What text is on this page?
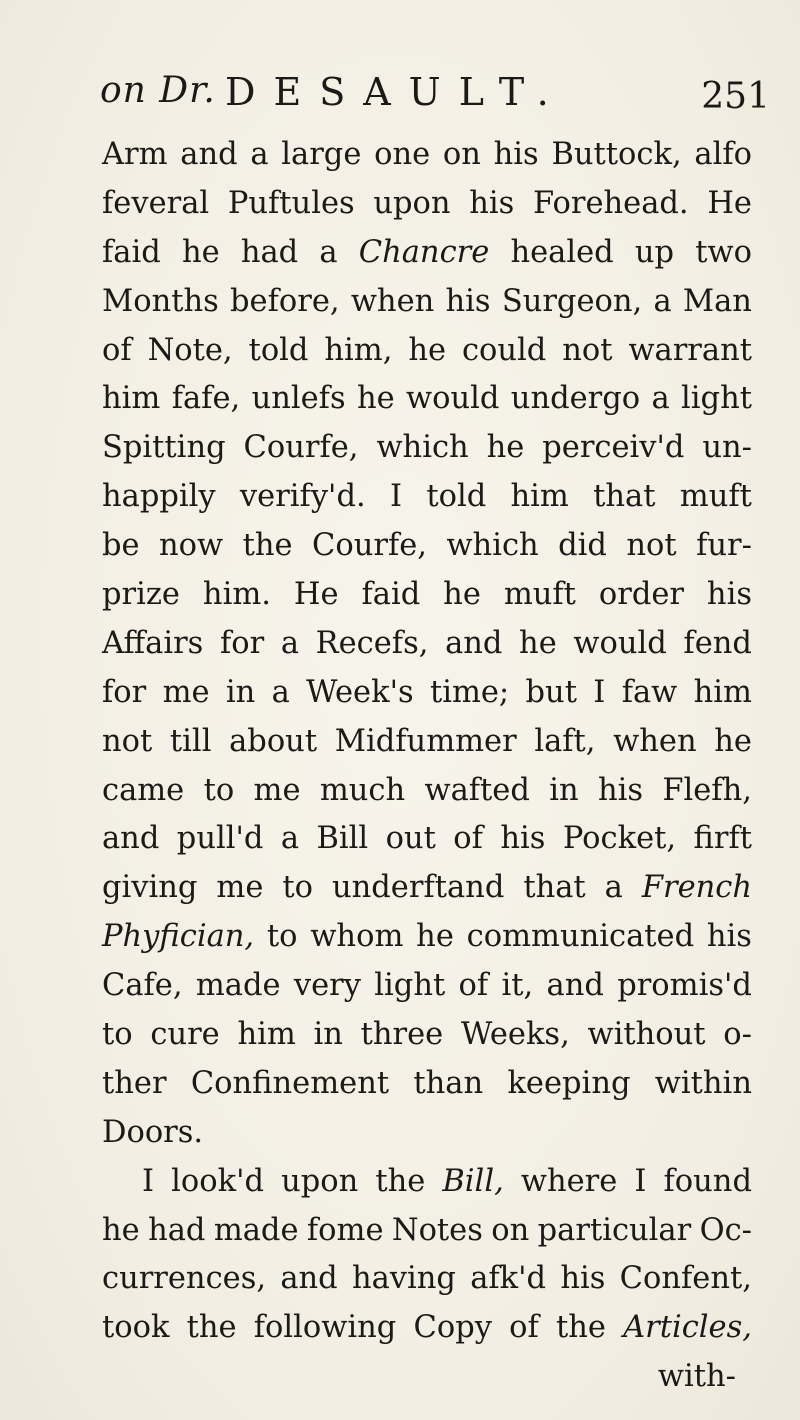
on Dr. DESAULT.	251
Arm and a large one on his Buttock, alfo
feveral Puftules upon his Forehead. He
faid he had a Chancre healed up two
Months before, when his Surgeon, a Man
of Note, told him, he could not warrant
him fafe, unlefs he would undergo a light
Spitting Courfe, which he perceiv'd un-
happily verify'd. I told him that muft
be now the Courfe, which did not fur-
prize him. He faid he muft order his
Affairs for a Recefs, and he would fend
for me in a Week's time; but I faw him
not till about Midfummer laft, when he
came to me much wafted in his Flefh,
and pull'd a Bill out of his Pocket, firft
giving me to underftand that a French
Phyfician, to whom he communicated his
Cafe, made very light of it, and promis'd
to cure him in three Weeks, without o-
ther Confinement than keeping within
Doors.
I look'd upon the Bill, where I found
he had made fome Notes on particular Oc-
currences, and having afk'd his Confent,
took the following Copy of the Articles,
with-
